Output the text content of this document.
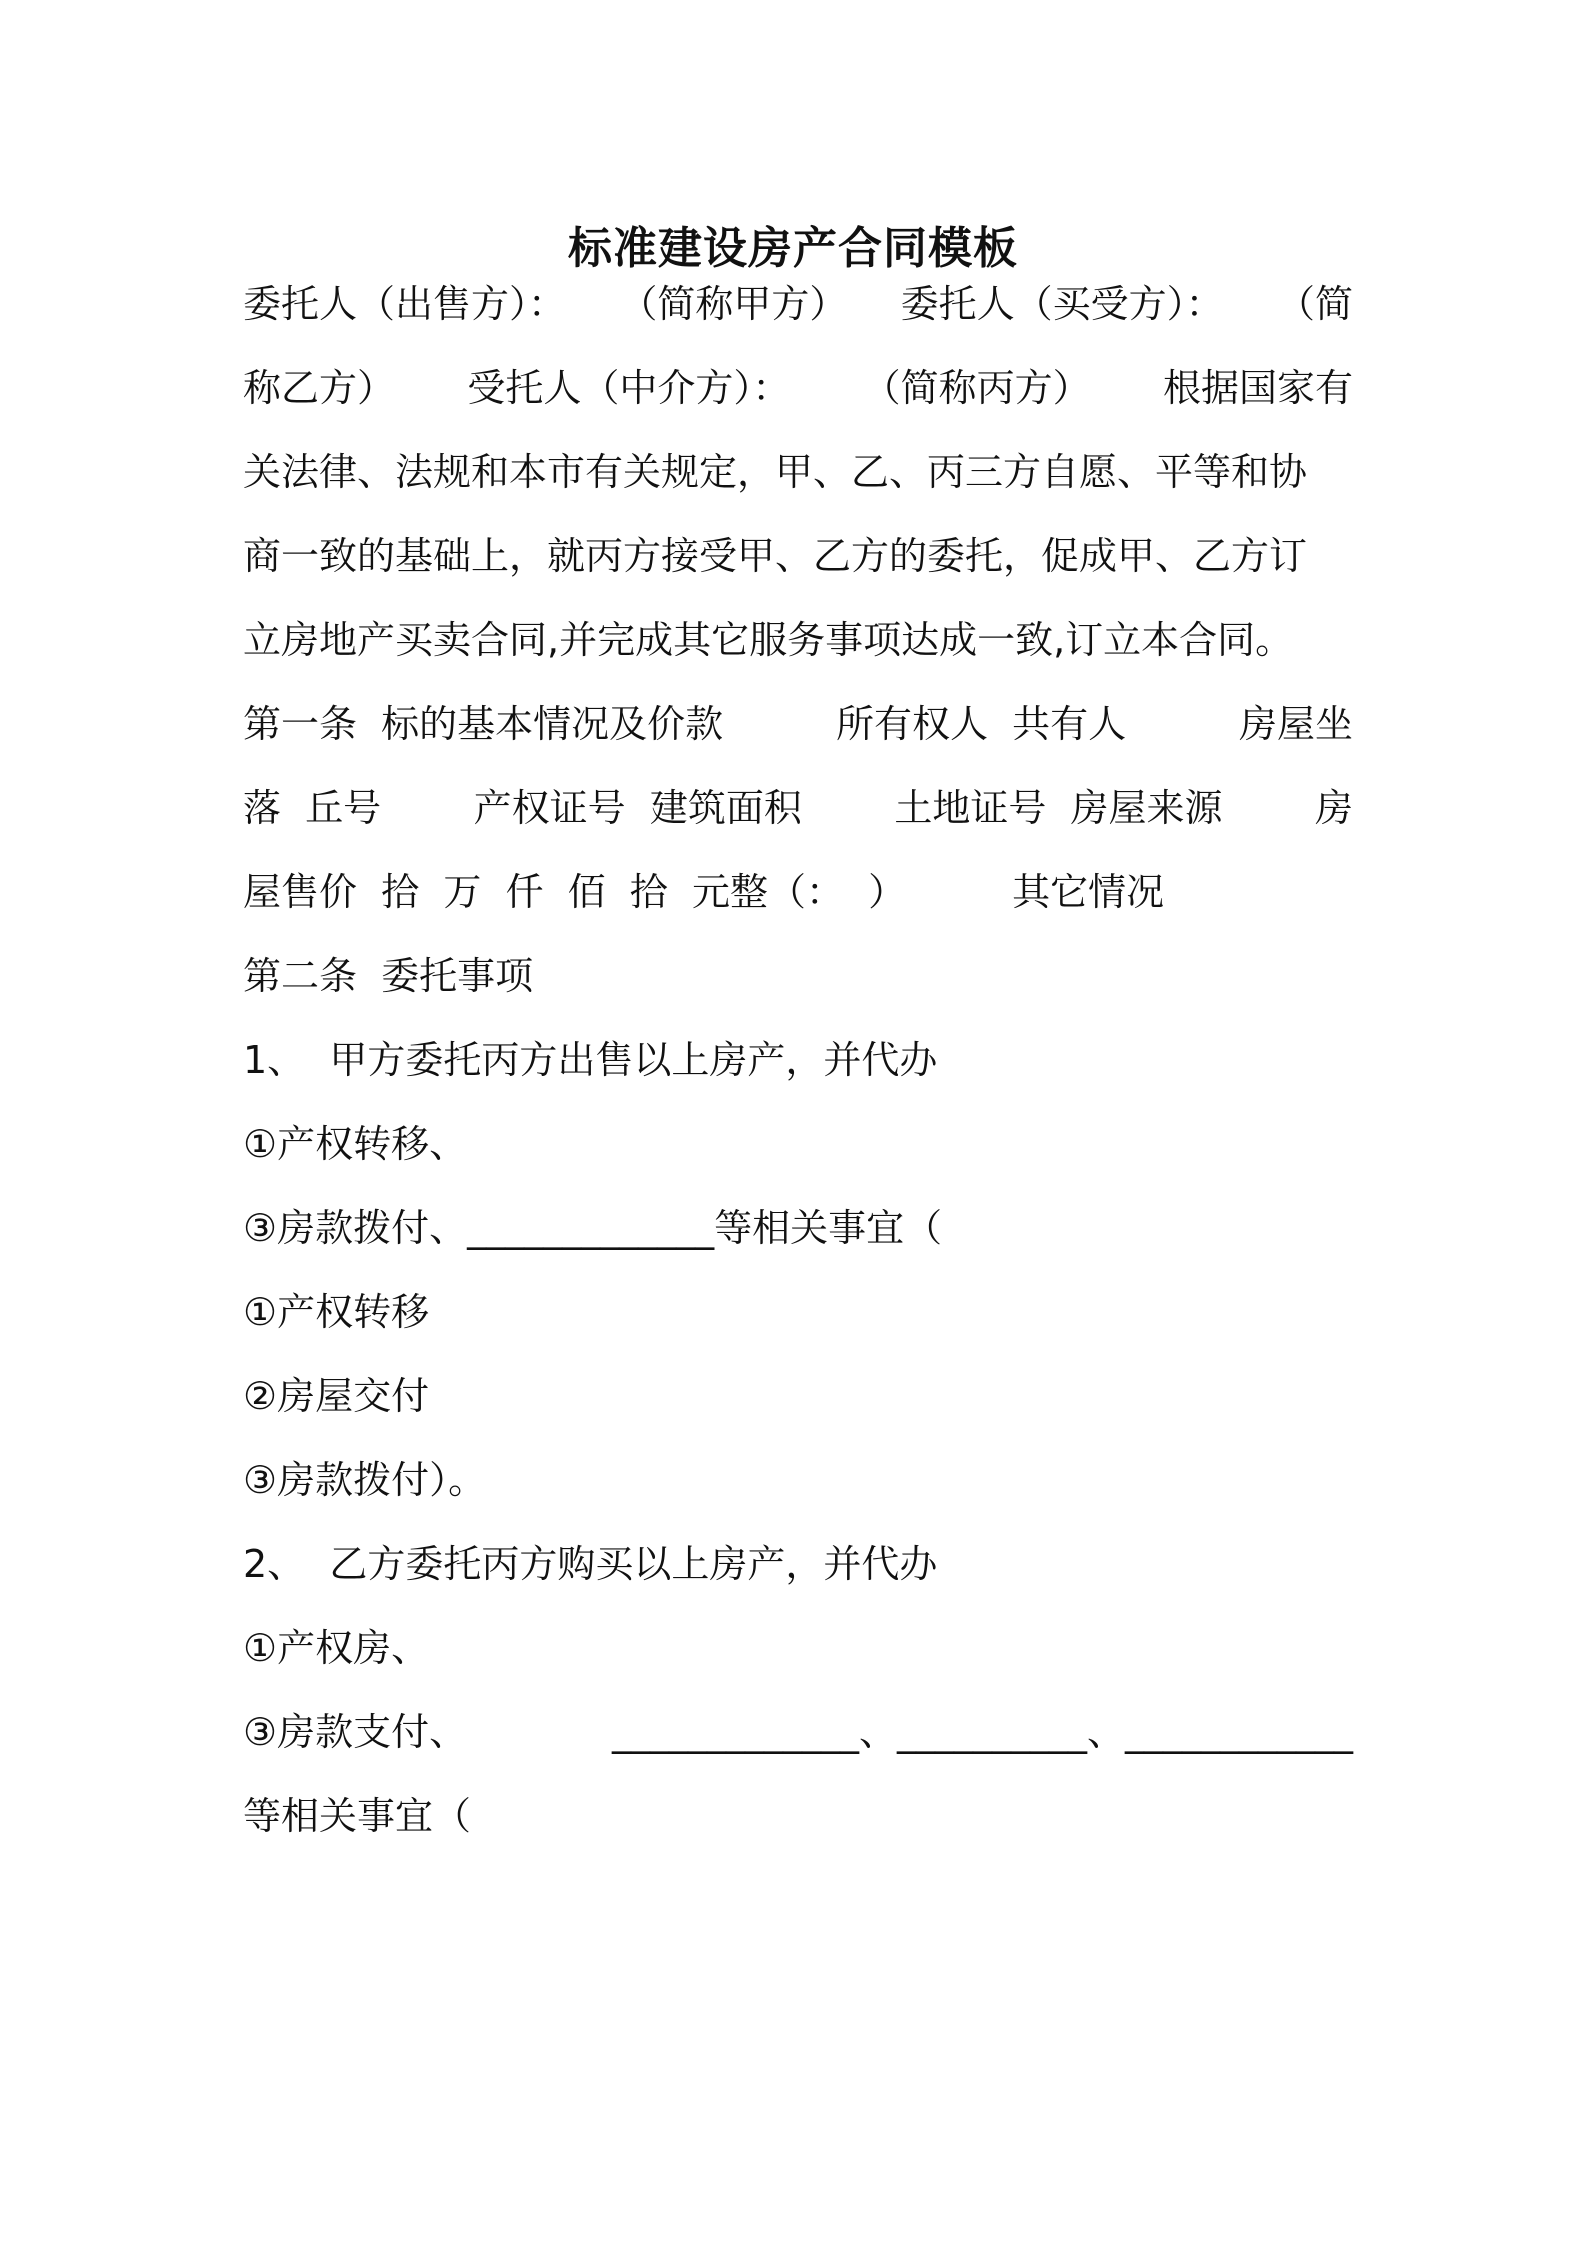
标准建设房产合同模板
委托人（出售方）： （简称甲方） 委托人（买受方）： （简
称乙方） 受托人（中介方）： （简称丙方） 根据国家有
关法律、法规和本市有关规定，甲、乙、丙三方自愿、平等和协
商一致的基础上，就丙方接受甲、乙方的委托，促成甲、乙方订
立房地产买卖合同,并完成其它服务事项达成一致,订立本合同。
第一条  标的基本情况及价款	所有权人  共有人	房屋坐
落  丘号 产权证号  建筑面积 土地证号  房屋来源 房
屋售价  拾  万  仟  佰  拾  元整（：  ）	其它情况
第二条  委托事项
1、  甲方委托丙方出售以上房产，并代办
①产权转移、
③房款拨付、_____________等相关事宜（
①产权转移
②房屋交付
③房款拨付）。
2、  乙方委托丙方购买以上房产，并代办
①产权房、
③房款支付、	_____________、__________、____________
等相关事宜（
